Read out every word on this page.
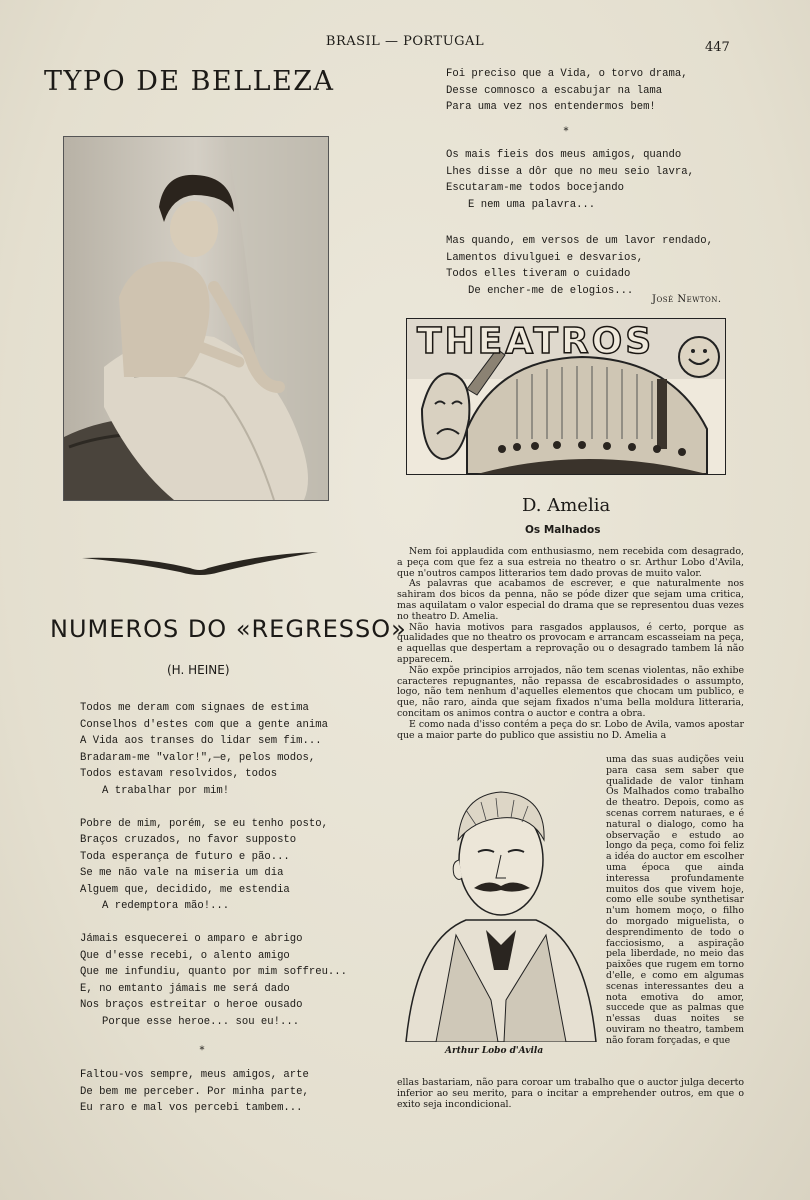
BRASIL — PORTUGAL	447
TYPO DE BELLEZA
NUMEROS DO «REGRESSO»
(H. HEINE)
Todos me deram com signaes de estima
Conselhos d'estes com que a gente anima
A Vida aos transes do lidar sem fim...
Bradaram-me "valor!",—e, pelos modos,
Todos estavam resolvidos, todos
A trabalhar por mim!

Pobre de mim, porém, se eu tenho posto,
Braços cruzados, no favor supposto
Toda esperança de futuro e pão...
Se me não vale na miseria um dia
Alguem que, decidido, me estendia
A redemptora mão!...

Jámais esquecerei o amparo e abrigo
Que d'esse recebi, o alento amigo
Que me infundiu, quanto por mim soffreu...
E, no emtanto jámais me será dado
Nos braços estreitar o heroe ousado
Porque esse heroe... sou eu!...
*
Faltou-vos sempre, meus amigos, arte
De bem me perceber. Por minha parte,
Eu raro e mal vos percebi tambem...
Foi preciso que a Vida, o torvo drama,
Desse comnosco a escabujar na lama
Para uma vez nos entendermos bem!
*
Os mais fieis dos meus amigos, quando
Lhes disse a dôr que no meu seio lavra,
Escutaram-me todos bocejando
E nem uma palavra...
Mas quando, em versos de um lavor rendado,
Lamentos divulguei e desvarios,
Todos elles tiveram o cuidado
De encher-me de elogios...
José Newton.
THEATROS
D. Amelia
Os Malhados

Nem foi applaudida com enthusiasmo, nem recebida com desagrado, a peça com que fez a sua estreia no theatro o sr. Arthur Lobo d'Avila, que n'outros campos litterarios tem dado provas de muito valor.

As palavras que acabamos de escrever, e que naturalmente nos sahiram dos bicos da penna, não se póde dizer que sejam uma critica, mas aquilatam o valor especial do drama que se representou duas vezes no theatro D. Amelia.

Não havia motivos para rasgados applausos, é certo, porque as qualidades que no theatro os provocam e arrancam escasseiam na peça, e aquellas que despertam a reprovação ou o desagrado tambem lá não apparecem.

Não expõe principios arrojados, não tem scenas violentas, não exhibe caracteres repugnantes, não repassa de escabrosidades o assumpto, logo, não tem nenhum d'aquelles elementos que chocam um publico, e que, não raro, ainda que sejam fixados n'uma bella moldura litteraria, concitam os animos contra o auctor e contra a obra.

E como nada d'isso contém a peça do sr. Lobo de Avila, vamos apostar que a maior parte do publico que assistiu no D. Amelia a

Arthur Lobo d'Avila
uma das suas audições veiu para casa sem saber que qualidade de valor tinham Os Malhados como trabalho de theatro. Depois, como as scenas correm naturaes, e é natural o dialogo, como ha observação e estudo ao longo da peça, como foi feliz a idéa do auctor em escolher uma época que ainda interessa profundamente muitos dos que vivem hoje, como elle soube synthetisar n'um homem moço, o filho do morgado miguelista, o desprendimento de todo o facciosismo, a aspiração pela liberdade, no meio das paixões que rugem em torno d'elle, e como em algumas scenas interessantes deu a nota emotiva do amor, succede que as palmas que n'essas duas noites se ouviram no theatro, tambem não foram forçadas, e que

ellas bastariam, não para coroar um trabalho que o auctor julga decerto inferior ao seu merito, para o incitar a emprehender outros, em que o exito seja incondicional.
